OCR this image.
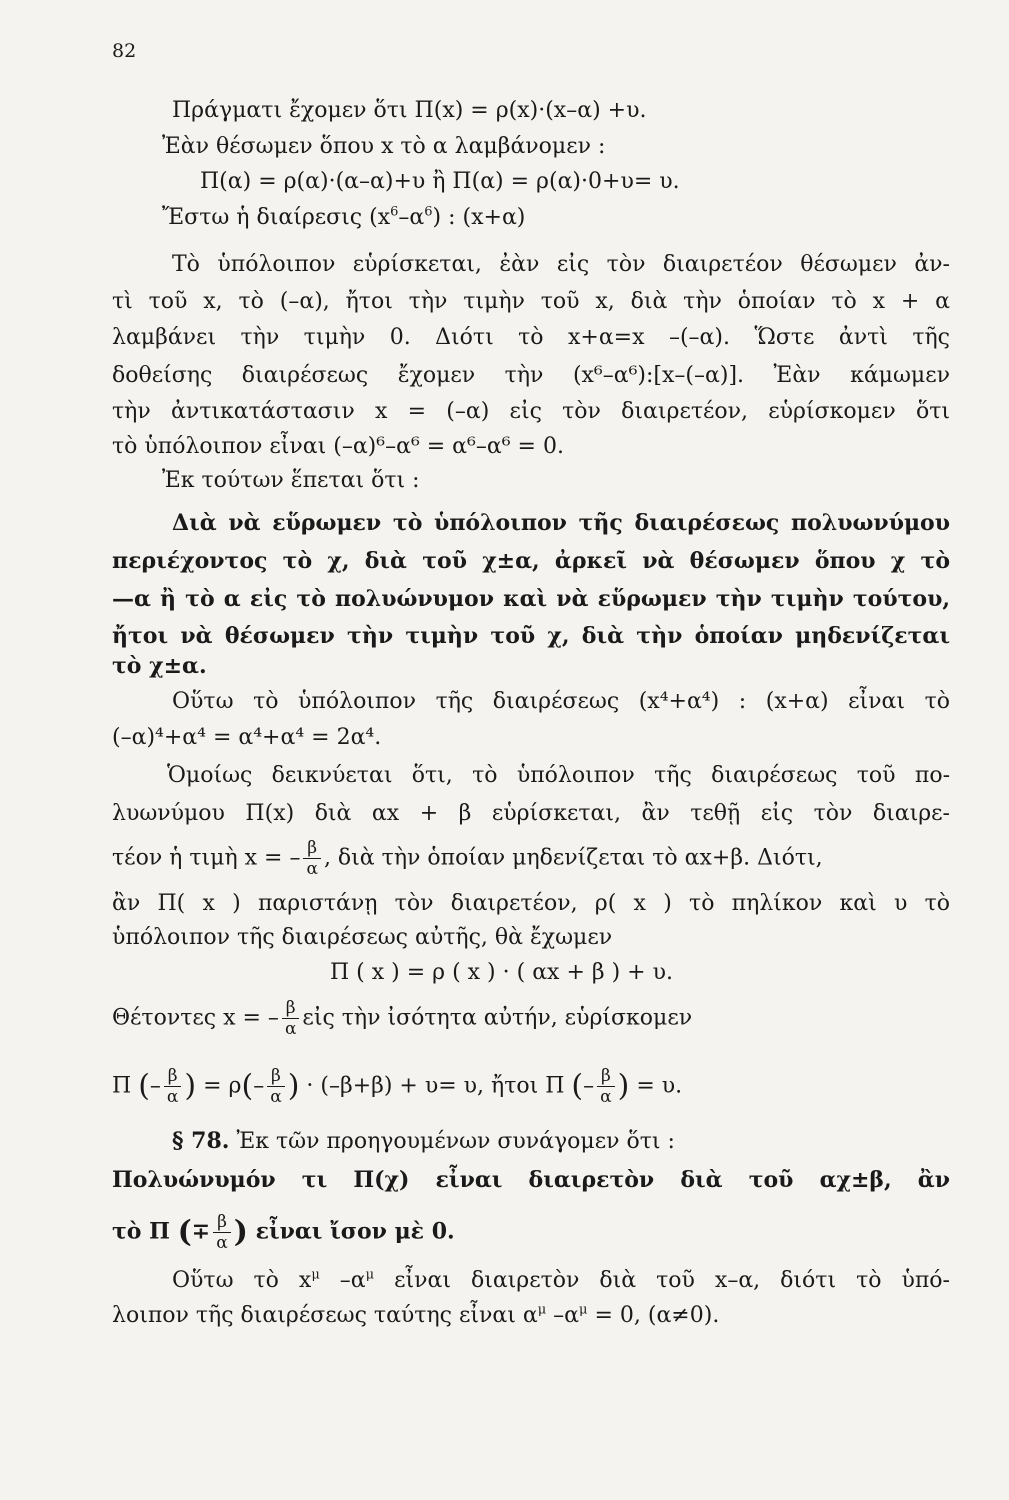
82
Πράγματι ἔχομεν ὅτι Π(x) = ρ(x)·(x–α) +υ.
Ἐὰν θέσωμεν ὅπου x τὸ α λαμβάνομεν :
Π(α) = ρ(α)·(α–α)+υ ἢ Π(α) = ρ(α)·0+υ= υ.
Ἔστω ἡ διαίρεσις $(x^6-\alpha^6)$ : (x+α)
Τὸ ὑπόλοιπον εὑρίσκεται, ἐὰν εἰς τὸν διαιρετέον θέσωμεν ἀν-
τὶ τοῦ x, τὸ (–α), ἤτοι τὴν τιμὴν τοῦ x, διὰ τὴν ὁποίαν τὸ x + α
λαμβάνει τὴν τιμὴν 0. Διότι τὸ x+α=x –(–α). Ὥστε ἀντὶ τῆς
δοθείσης διαιρέσεως ἔχομεν τὴν (x⁶–α⁶):[x–(–α)]. Ἐὰν κάμωμεν
τὴν ἀντικατάστασιν x = (–α) εἰς τὸν διαιρετέον, εὑρίσκομεν ὅτι
τὸ ὑπόλοιπον εἶναι (–α)⁶–α⁶ = α⁶–α⁶ = 0.
Ἐκ τούτων ἕπεται ὅτι :
Διὰ νὰ εὕρωμεν τὸ ὑπόλοιπον τῆς διαιρέσεως πολυωνύμου
περιέχοντος τὸ χ, διὰ τοῦ χ±α, ἀρκεῖ νὰ θέσωμεν ὅπου χ τὸ
—α ἢ τὸ α εἰς τὸ πολυώνυμον καὶ νὰ εὕρωμεν τὴν τιμὴν τούτου,
ἤτοι νὰ θέσωμεν τὴν τιμὴν τοῦ χ, διὰ τὴν ὁποίαν μηδενίζεται
τὸ χ±α.
Οὕτω τὸ ὑπόλοιπον τῆς διαιρέσεως (x⁴+α⁴) : (x+α) εἶναι τὸ
(–α)⁴+α⁴ = α⁴+α⁴ = 2α⁴.
Ὁμοίως δεικνύεται ὅτι, τὸ ὑπόλοιπον τῆς διαιρέσεως τοῦ πο-
λυωνύμου Π(x) διὰ αx + β εὑρίσκεται, ἂν τεθῇ εἰς τὸν διαιρε-
τέον ἡ τιμὴ x = – $\frac{\beta}{\alpha}$ , διὰ τὴν ὁποίαν μηδενίζεται τὸ αx+β. Διότι,
ἂν Π( x ) παριστάνῃ τὸν διαιρετέον, ρ( x ) τὸ πηλίκον καὶ υ τὸ
ὑπόλοιπον τῆς διαιρέσεως αὐτῆς, θὰ ἔχωμεν
Π ( x ) = ρ ( x ) · ( αx + β ) + υ.
Θέτοντες x = – $\frac{\beta}{\alpha}$ εἰς τὴν ἰσότητα αὐτήν, εὑρίσκομεν
Π (– $\frac{\beta}{\alpha}$ ) = $\rho(- \frac{\beta}{\alpha}$ ) · (–β+β) + υ= υ, ἤτοι Π (– $\frac{\beta}{\alpha}$ ) = υ.
§ 78. Ἐκ τῶν προηγουμένων συνάγομεν ὅτι :
Πολυώνυμόν τι Π(χ) εἶναι διαιρετὸν διὰ τοῦ αχ±β, ἂν
τὸ Π (∓ $\frac{\beta}{\alpha}$ ) εἶναι ἴσον μὲ 0.
Οὕτω τὸ $x^\mu$ $-\alpha^\mu$ εἶναι διαιρετὸν διὰ τοῦ x–α, διότι τὸ ὑπό-
λοιπον τῆς διαιρέσεως ταύτης εἶναι $\alpha^\mu$ $-\alpha^\mu = 0$, (α≠0).
